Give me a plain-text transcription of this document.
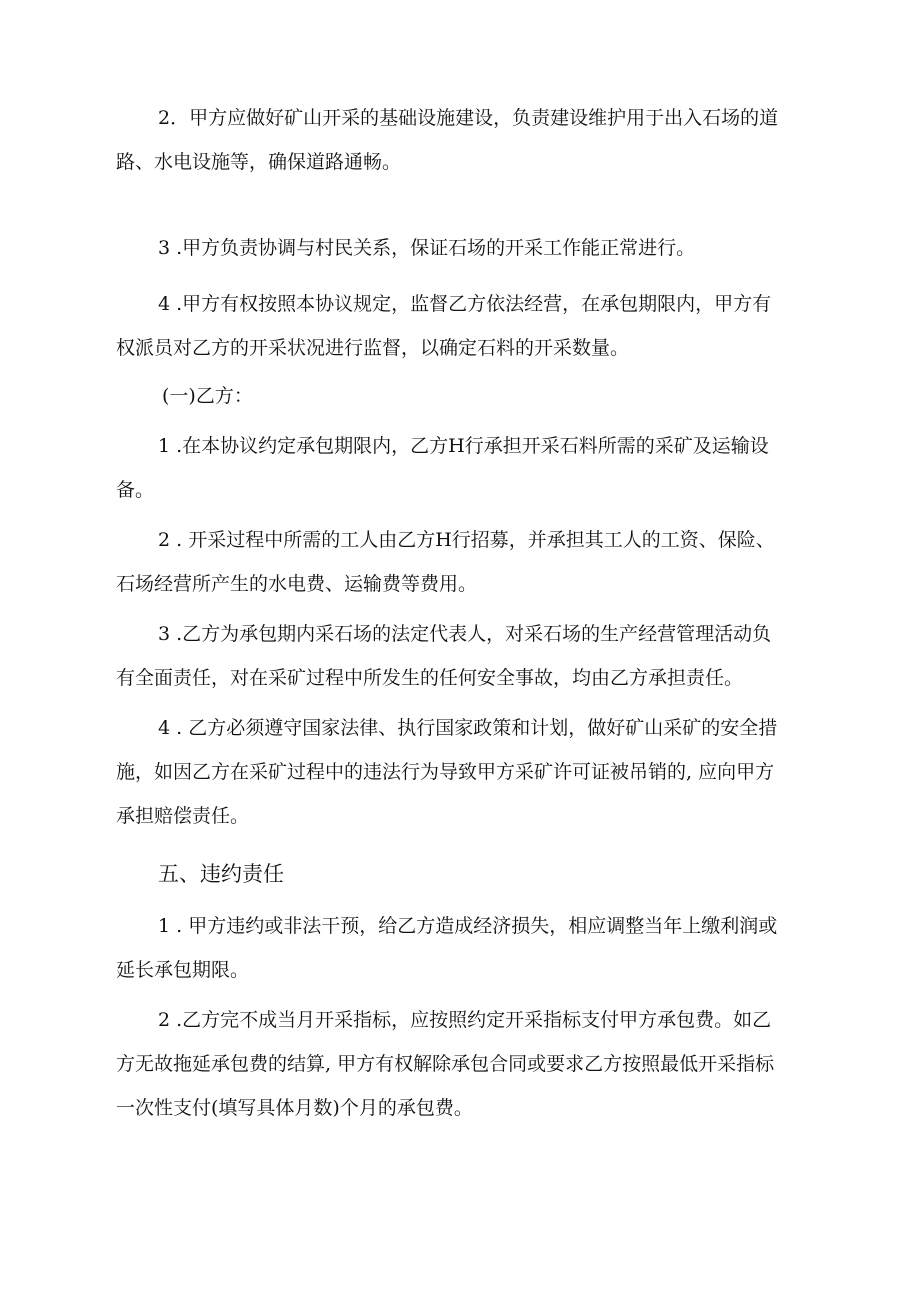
2．甲方应做好矿山开采的基础设施建设，负责建设维护用于出入石场的道
路、水电设施等，确保道路通畅。

3 .甲方负责协调与村民关系，保证石场的开采工作能正常进行。

4 .甲方有权按照本协议规定，监督乙方依法经营，在承包期限内，甲方有
权派员对乙方的开采状况进行监督，以确定石料的开采数量。

(一)乙方：

1 .在本协议约定承包期限内，乙方H行承担开采石料所需的采矿及运输设
备。

2 . 开采过程中所需的工人由乙方H行招募，并承担其工人的工资、保险、
石场经营所产生的水电费、运输费等费用。

3 .乙方为承包期内采石场的法定代表人，对采石场的生产经营管理活动负
有全面责任，对在采矿过程中所发生的任何安全事故，均由乙方承担责任。

4 . 乙方必须遵守国家法律、执行国家政策和计划，做好矿山采矿的安全措
施，如因乙方在采矿过程中的违法行为导致甲方采矿许可证被吊销的, 应向甲方
承担赔偿责任。

五、违约责任

1 . 甲方违约或非法干预，给乙方造成经济损失，相应调整当年上缴利润或
延长承包期限。

2 .乙方完不成当月开采指标，应按照约定开采指标支付甲方承包费。如乙
方无故拖延承包费的结算, 甲方有权解除承包合同或要求乙方按照最低开采指标
一次性支付(填写具体月数)个月的承包费。
